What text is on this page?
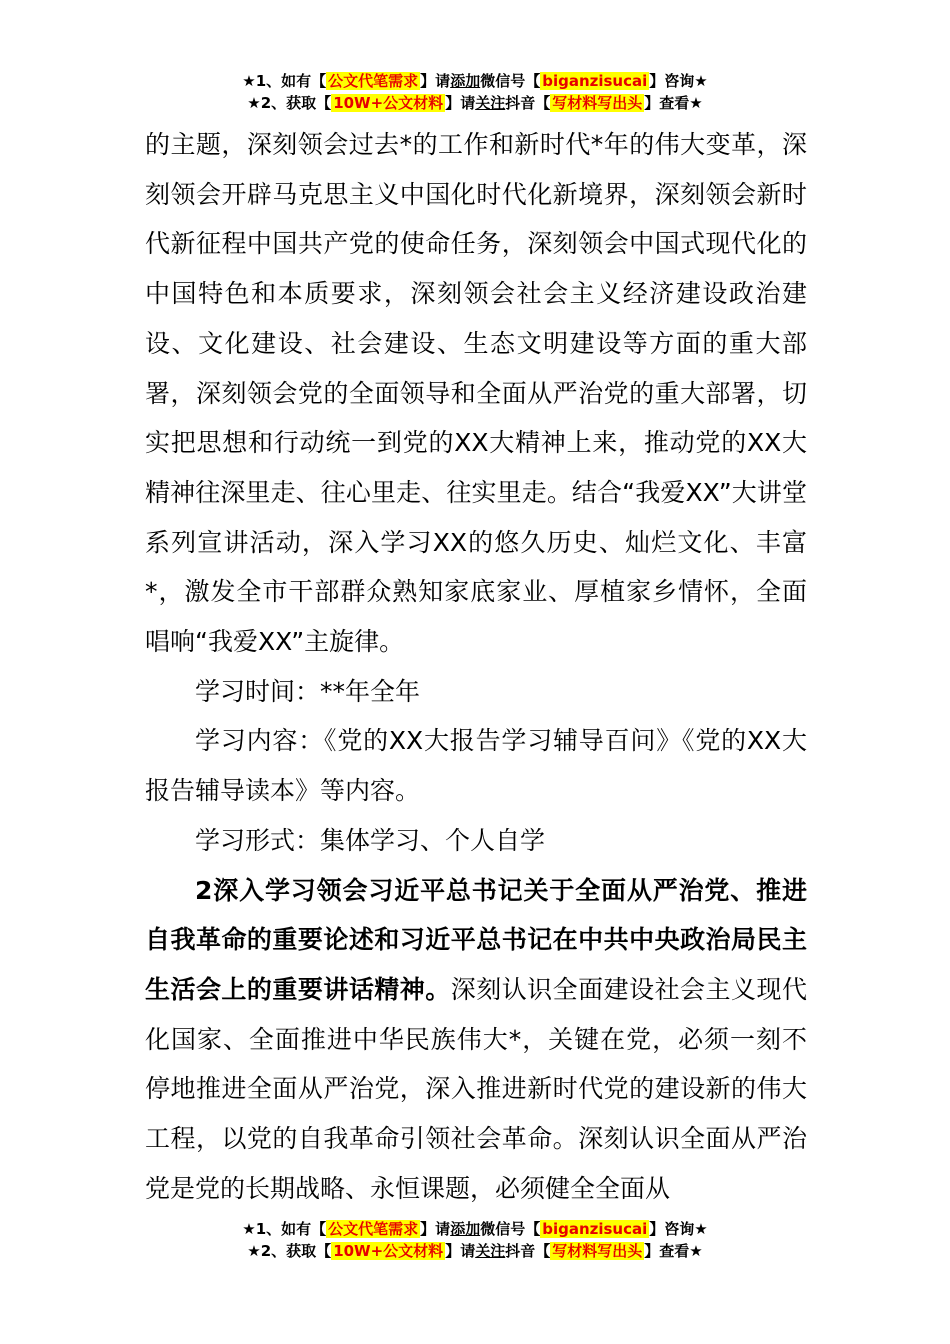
★1、如有【 公文代笔需求 】请添加微信号【 biganzisucai 】咨询★
★2、获取【 10W+公文材料 】请关注抖音【 写材料写出头 】查看★

的主题，深刻领会过去*的工作和新时代*年的伟大变革，深刻领会开辟马克思主义中国化时代化新境界，深刻领会新时代新征程中国共产党的使命任务，深刻领会中国式现代化的中国特色和本质要求，深刻领会社会主义经济建设政治建设、文化建设、社会建设、生态文明建设等方面的重大部署，深刻领会党的全面领导和全面从严治党的重大部署，切实把思想和行动统一到党的XX大精神上来，推动党的XX大精神往深里走、往心里走、往实里走。结合“我爱XX”大讲堂系列宣讲活动，深入学习XX的悠久历史、灿烂文化、丰富*，激发全市干部群众熟知家底家业、厚植家乡情怀，全面唱响“我爱XX”主旋律。

学习时间：**年全年

学习内容：《党的XX大报告学习辅导百问》《党的XX大报告辅导读本》等内容。

学习形式：集体学习、个人自学

2深入学习领会习近平总书记关于全面从严治党、推进自我革命的重要论述和习近平总书记在中共中央政治局民主生活会上的重要讲话精神。深刻认识全面建设社会主义现代化国家、全面推进中华民族伟大*，关键在党，必须一刻不停地推进全面从严治党，深入推进新时代党的建设新的伟大工程，以党的自我革命引领社会革命。深刻认识全面从严治党是党的长期战略、永恒课题，必须健全全面从

★1、如有【 公文代笔需求 】请添加微信号【 biganzisucai 】咨询★
★2、获取【 10W+公文材料 】请关注抖音【 写材料写出头 】查看★
